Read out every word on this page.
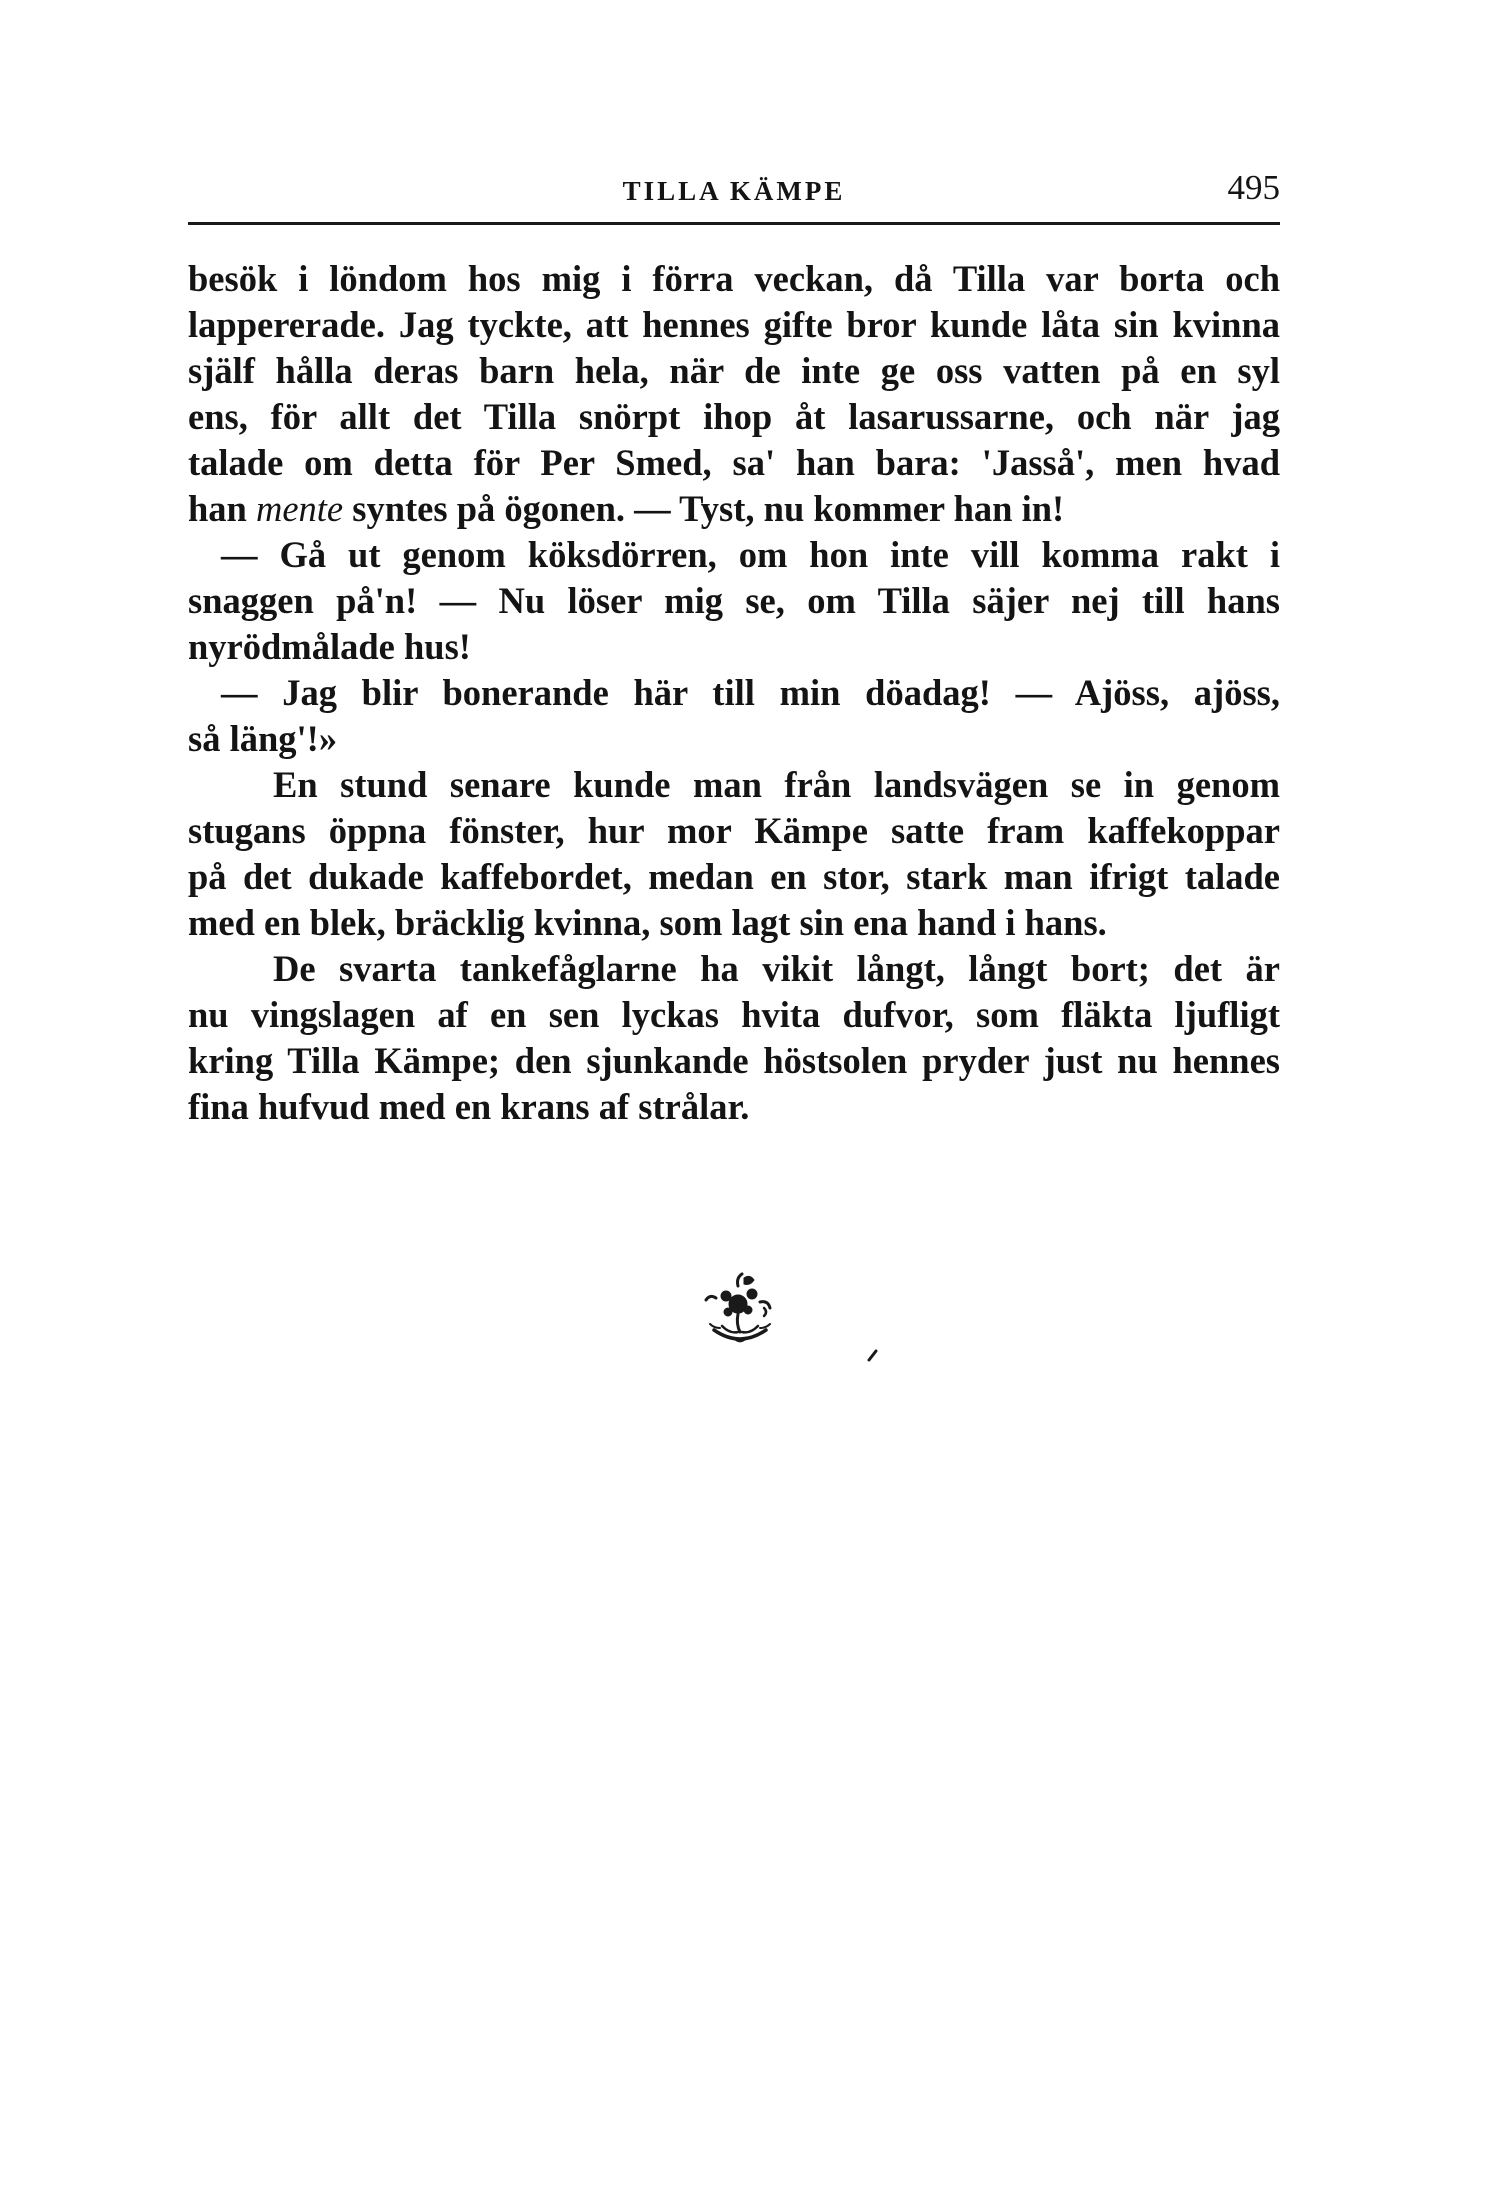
TILLA KÄMPE	495
besök i löndom hos mig i förra veckan, då Tilla var borta och
lappererade. Jag tyckte, att hennes gifte bror kunde låta sin kvinna
själf hålla deras barn hela, när de inte ge oss vatten på en syl
ens, för allt det Tilla snörpt ihop åt lasarussarne, och när jag
talade om detta för Per Smed, sa' han bara: 'Jasså', men hvad
han mente syntes på ögonen. — Tyst, nu kommer han in!
— Gå ut genom köksdörren, om hon inte vill komma rakt i
snaggen på'n! — Nu löser mig se, om Tilla säjer nej till hans
nyrödmålade hus!
— Jag blir bonerande här till min döadag! — Ajöss, ajöss,
så läng'!»
En stund senare kunde man från landsvägen se in genom
stugans öppna fönster, hur mor Kämpe satte fram kaffekoppar
på det dukade kaffebordet, medan en stor, stark man ifrigt talade
med en blek, bräcklig kvinna, som lagt sin ena hand i hans.
De svarta tankefåglarne ha vikit långt, långt bort; det är
nu vingslagen af en sen lyckas hvita dufvor, som fläkta ljufligt
kring Tilla Kämpe; den sjunkande höstsolen pryder just nu hennes
fina hufvud med en krans af strålar.
